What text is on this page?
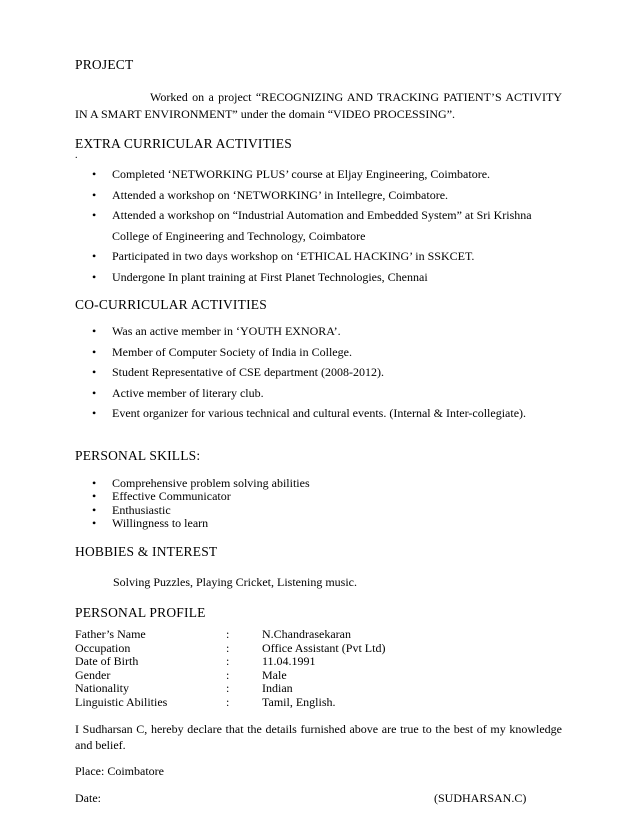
PROJECT
Worked on a project “RECOGNIZING AND TRACKING PATIENT’S ACTIVITY IN A SMART ENVIRONMENT” under the domain “VIDEO PROCESSING”.
EXTRA CURRICULAR ACTIVITIES
.
• Completed ‘NETWORKING PLUS’ course at Eljay Engineering, Coimbatore.
• Attended a workshop on ‘NETWORKING’ in Intellegre, Coimbatore.
• Attended a workshop on “Industrial Automation and Embedded System” at Sri Krishna College of Engineering and Technology, Coimbatore
• Participated in two days workshop on ‘ETHICAL HACKING’ in SSKCET.
• Undergone In plant training at First Planet Technologies, Chennai
CO-CURRICULAR ACTIVITIES
• Was an active member in ‘YOUTH EXNORA’.
• Member of Computer Society of India in College.
• Student Representative of CSE department (2008-2012).
• Active member of literary club.
• Event organizer for various technical and cultural events. (Internal & Inter-collegiate).
PERSONAL SKILLS:
• Comprehensive problem solving abilities
• Effective Communicator
• Enthusiastic
• Willingness to learn
HOBBIES & INTEREST
Solving Puzzles, Playing Cricket, Listening music.
PERSONAL PROFILE
Father’s Name	:	N.Chandrasekaran
Occupation	:	Office Assistant (Pvt Ltd)
Date of Birth	:	11.04.1991
Gender	:	Male
Nationality	:	Indian
Linguistic Abilities	:	Tamil, English.
I Sudharsan C, hereby declare that the details furnished above are true to the best of my knowledge and belief.
Place: Coimbatore
Date:	(SUDHARSAN.C)
